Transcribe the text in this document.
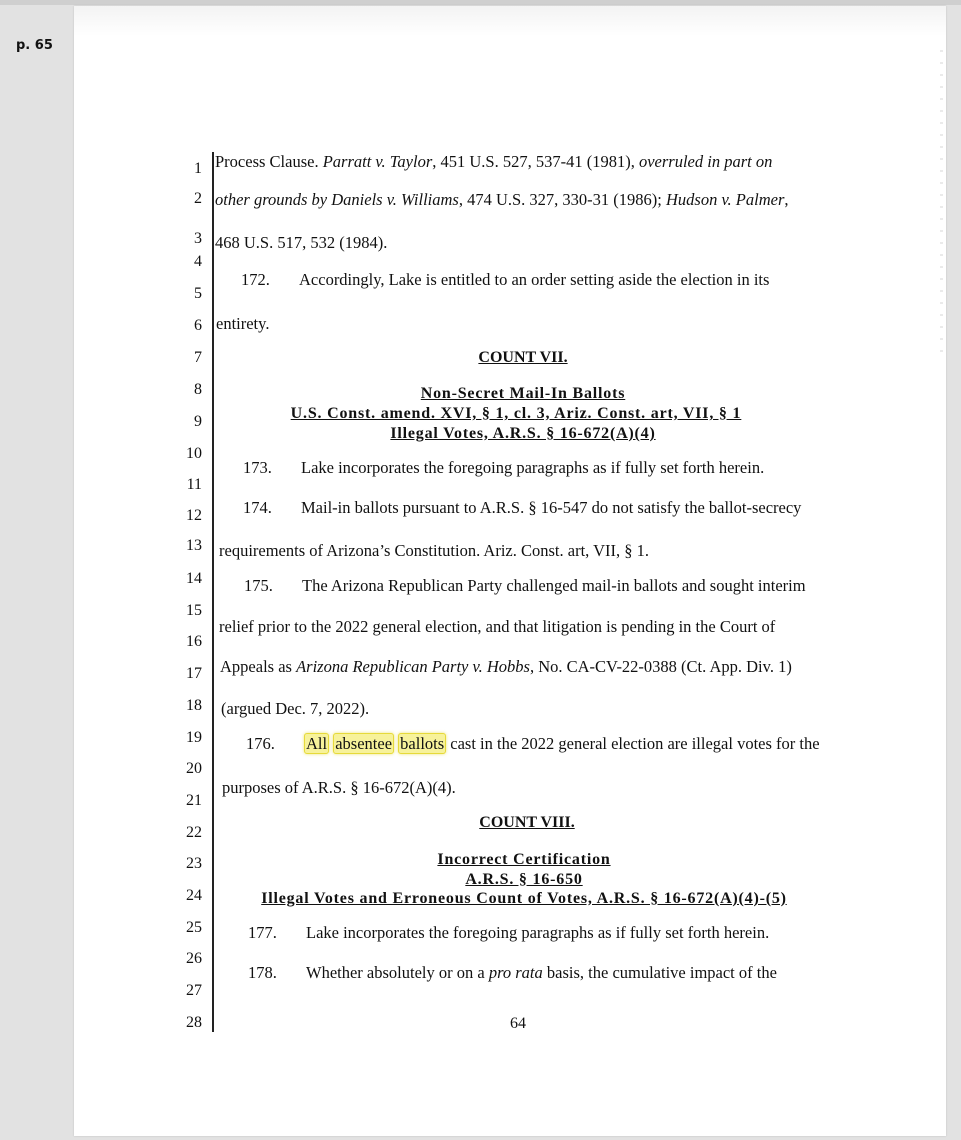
p. 65
1
2
3
4
5
6
7
8
9
10
11
12
13
14
15
16
17
18
19
20
21
22
23
24
25
26
27
28
Process Clause. Parratt v. Taylor, 451 U.S. 527, 537-41 (1981), overruled in part on
other grounds by Daniels v. Williams, 474 U.S. 327, 330-31 (1986); Hudson v. Palmer,
468 U.S. 517, 532 (1984).
172. Accordingly, Lake is entitled to an order setting aside the election in its
entirety.
COUNT VII.
Non-Secret Mail-In Ballots
U.S. Const. amend. XVI, § 1, cl. 3, Ariz. Const. art, VII, § 1
Illegal Votes, A.R.S. § 16-672(A)(4)
173. Lake incorporates the foregoing paragraphs as if fully set forth herein.
174. Mail-in ballots pursuant to A.R.S. § 16-547 do not satisfy the ballot-secrecy
requirements of Arizona’s Constitution. Ariz. Const. art, VII, § 1.
175. The Arizona Republican Party challenged mail-in ballots and sought interim
relief prior to the 2022 general election, and that litigation is pending in the Court of
Appeals as Arizona Republican Party v. Hobbs, No. CA-CV-22-0388 (Ct. App. Div. 1)
(argued Dec. 7, 2022).
176. All absentee ballots cast in the 2022 general election are illegal votes for the
purposes of A.R.S. § 16-672(A)(4).
COUNT VIII.
Incorrect Certification
A.R.S. § 16-650
Illegal Votes and Erroneous Count of Votes, A.R.S. § 16-672(A)(4)-(5)
177. Lake incorporates the foregoing paragraphs as if fully set forth herein.
178. Whether absolutely or on a pro rata basis, the cumulative impact of the
64
